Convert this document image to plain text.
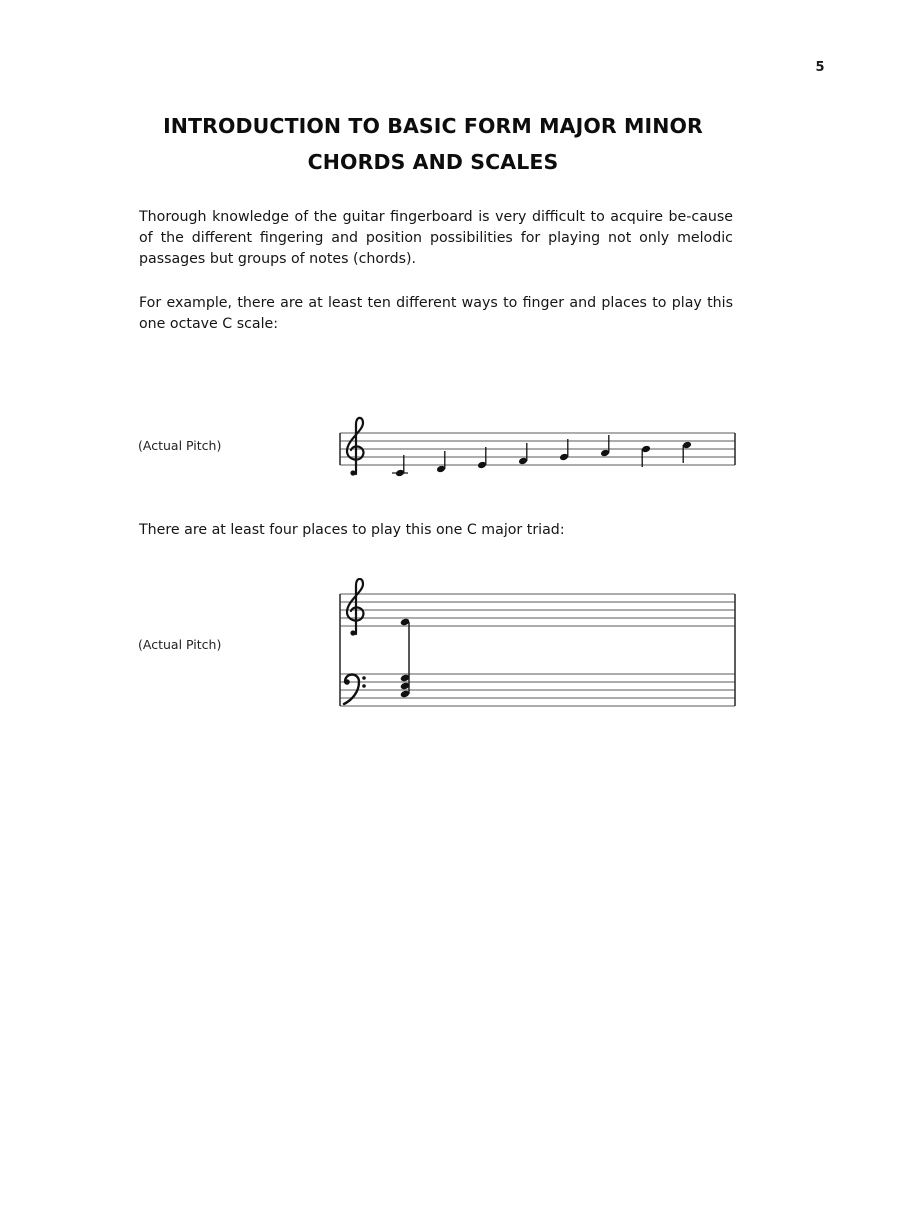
5
INTRODUCTION TO BASIC FORM MAJOR MINOR
CHORDS AND SCALES
Thorough knowledge of the guitar fingerboard is very difficult to acquire be-cause of the different fingering and position possibilities for playing not only melodic passages but groups of notes (chords).
For example, there are at least ten different ways to finger and places to play this one octave C scale:
(Actual Pitch)
There are at least four places to play this one C major triad:
(Actual Pitch)
